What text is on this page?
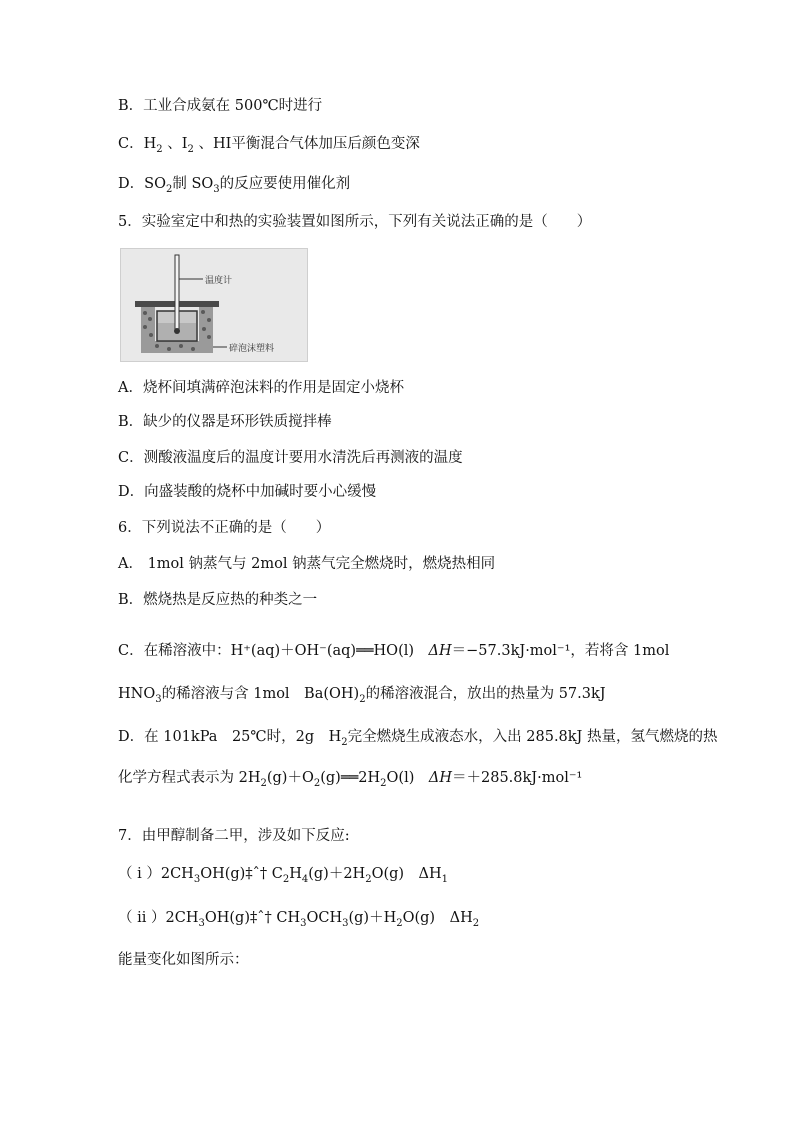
B．工业合成氨在 500℃时进行
C．$H_2$ 、$I_2$ 、HI平衡混合气体加压后颜色变深
D．$SO_2$制 $SO_3$的反应要使用催化剂
5．实验室定中和热的实验装置如图所示，下列有关说法正确的是（　　）
温度计
碎泡沫塑料
A．烧杯间填满碎泡沫料的作用是固定小烧杯
B．缺少的仪器是环形铁质搅拌棒
C．测酸液温度后的温度计要用水清洗后再测液的温度
D．向盛装酸的烧杯中加碱时要小心缓慢
6．下列说法不正确的是（　　）
A． 1mol 钠蒸气与 2mol 钠蒸气完全燃烧时，燃烧热相同
B．燃烧热是反应热的种类之一
C．在稀溶液中：H⁺(aq)＋OH⁻(aq)══HO(l)　ΔH＝−57.3kJ·mol⁻¹，若将含 1mol
$HNO_3$的稀溶液与含 1mol　$Ba(OH)_2$的稀溶液混合，放出的热量为 57.3kJ
D．在 101kPa　25℃时，2g　$H_2$完全燃烧生成液态水，入出 285.8kJ 热量，氢气燃烧的热
化学方程式表示为 $2H_2(g)+O_2(g)══2H_2O(l)$　ΔH＝＋285.8kJ·mol⁻¹
7．由甲醇制备二甲，涉及如下反应:
（ i ）$2CH_3OH(g)\ddagger ˆ\dagger$ $C_2H_4(g)+2H_2O(g)$　$\Delta H_1$
（ ii ）$2CH_3OH(g)\ddagger ˆ\dagger$ $CH_3OCH_3(g)+H_2O(g)$　$\Delta H_2$
能量变化如图所示：
